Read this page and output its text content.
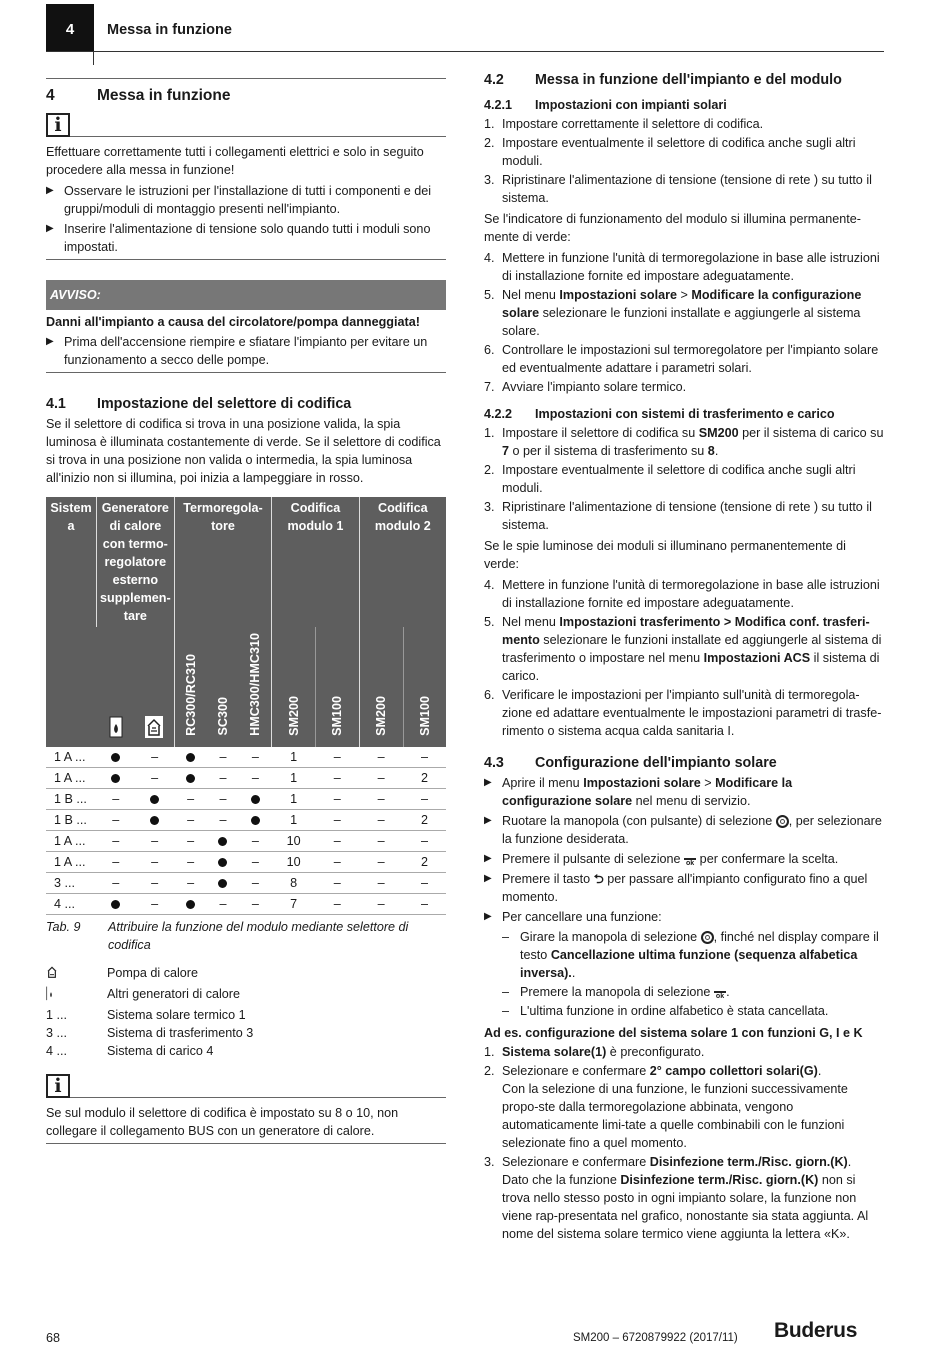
4	Messa in funzione
4	Messa in funzione
i

Effettuare correttamente tutti i collegamenti elettrici e solo in seguito procedere alla messa in funzione!

▶ Osservare le istruzioni per l'installazione di tutti i componenti e dei gruppi/moduli di montaggio presenti nell'impianto.
▶ Inserire l'alimentazione di tensione solo quando tutti i moduli sono impostati.
AVVISO:
Danni all'impianto a causa del circolatore/pompa danneggiata!
▶ Prima dell'accensione riempire e sfiatare l'impianto per evitare un funzionamento a secco delle pompe.
4.1	Impostazione del selettore di codifica

Se il selettore di codifica si trova in una posizione valida, la spia luminosa è illuminata costantemente di verde. Se il selettore di codifica si trova in una posizione non valida o intermedia, la spia luminosa all'inizio non si illumina, poi inizia a lampeggiare in rosso.

Sistem a	Generatore di calore con termo-regolatore esterno supplemen-tare		Termoregola-tore			Codifica modulo 1		Codifica modulo 2	
		RC300/RC310	SC300	HMC300/HMC310	SM200	SM100	SM200	SM100
1 A ...		–		–	–	1	–	–	–
1 A ...		–		–	–	1	–	–	2
1 B ...	–		–	–		1	–	–	–
1 B ...	–		–	–		1	–	–	2
1 A ...	–	–	–		–	10	–	–	–
1 A ...	–	–	–		–	10	–	–	2
3 ...	–	–	–		–	8	–	–	–
4 ...		–		–	–	7	–	–	–
Tab. 9	Attribuire la funzione del modulo mediante selettore di codifica
Pompa di calore
Altri generatori di calore
1 ...	Sistema solare termico 1
3 ...	Sistema di trasferimento 3
4 ...	Sistema di carico 4
i

Se sul modulo il selettore di codifica è impostato su 8 o 10, non collegare il collegamento BUS con un generatore di calore.

4.2	Messa in funzione dell'impianto e del modulo
4.2.1	Impostazioni con impianti solari
1. Impostare correttamente il selettore di codifica.
2. Impostare eventualmente il selettore di codifica anche sugli altri moduli.
3. Ripristinare l'alimentazione di tensione (tensione di rete ) su tutto il sistema.

Se l'indicatore di funzionamento del modulo si illumina permanente-mente di verde:

4. Mettere in funzione l'unità di termoregolazione in base alle istruzioni di installazione fornite ed impostare adeguatamente.
5. Nel menu Impostazioni solare > Modificare la configurazione solare selezionare le funzioni installate e aggiungerle al sistema solare.
6. Controllare le impostazioni sul termoregolatore per l'impianto solare ed eventualmente adattare i parametri solari.
7. Avviare l'impianto solare termico.
4.2.2	Impostazioni con sistemi di trasferimento e carico
1. Impostare il selettore di codifica su SM200 per il sistema di carico su 7 o per il sistema di trasferimento su 8.
2. Impostare eventualmente il selettore di codifica anche sugli altri moduli.
3. Ripristinare l'alimentazione di tensione (tensione di rete ) su tutto il sistema.

Se le spie luminose dei moduli si illuminano permanentemente di verde:

4. Mettere in funzione l'unità di termoregolazione in base alle istruzioni di installazione fornite ed impostare adeguatamente.
5. Nel menu Impostazioni trasferimento > Modifica conf. trasferi-mento selezionare le funzioni installate ed aggiungerle al sistema di trasferimento o impostare nel menu Impostazioni ACS il sistema di carico.
6. Verificare le impostazioni per l'impianto sull'unità di termoregola-zione ed adattare eventualmente le impostazioni parametri di trasfe-rimento o sistema acqua calda sanitaria I.
4.3	Configurazione dell'impianto solare
▶ Aprire il menu Impostazioni solare > Modificare la configurazione solare nel menu di servizio.
▶ Ruotare la manopola (con pulsante) di selezione , per selezionare la funzione desiderata.
▶ Premere il pulsante di selezione ok per confermare la scelta.
▶ Premere il tasto ⮌ per passare all'impianto configurato fino a quel momento.
▶ Per cancellare una funzione:
– Girare la manopola di selezione , finché nel display compare il testo Cancellazione ultima funzione (sequenza alfabetica inversa)..
– Premere la manopola di selezione ok .
– L'ultima funzione in ordine alfabetico è stata cancellata.
Ad es. configurazione del sistema solare 1 con funzioni G, I e K
1. Sistema solare(1) è preconfigurato.
2. Selezionare e confermare 2° campo collettori solari(G).
Con la selezione di una funzione, le funzioni successivamente propo-ste dalla termoregolazione abbinata, vengono automaticamente limi-tate a quelle combinabili con le funzioni selezionate fino a quel momento.
3. Selezionare e confermare Disinfezione term./Risc. giorn.(K).
Dato che la funzione Disinfezione term./Risc. giorn.(K) non si trova nello stesso posto in ogni impianto solare, la funzione non viene rap-presentata nel grafico, nonostante sia stata aggiunta. Al nome del sistema solare termico viene aggiunta la lettera «K».
68	SM200 – 6720879922 (2017/11) Buderus
